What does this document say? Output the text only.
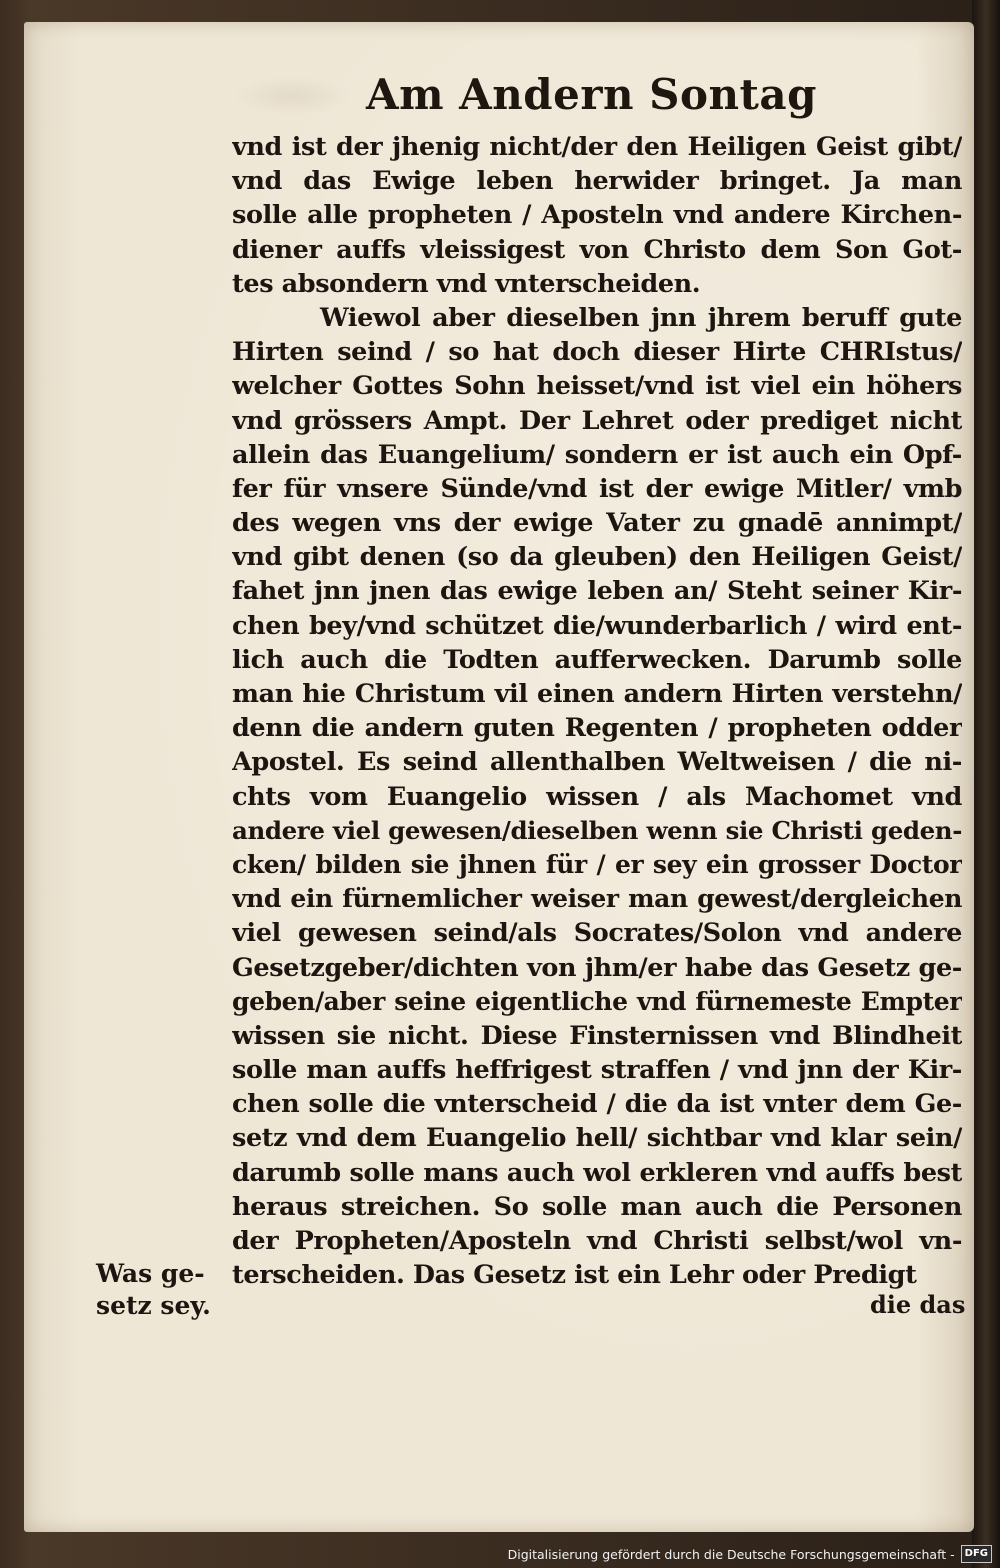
Am Andern Sontag
vnd ist der jhenig nicht/der den Heiligen Geist gibt/
vnd das Ewige leben herwider bringet. Ja man
solle alle propheten / Aposteln vnd andere Kirchen-
diener auffs vleissigest von Christo dem Son Got-
tes absondern vnd vnterscheiden.
Wiewol aber dieselben jnn jhrem beruff gute
Hirten seind / so hat doch dieser Hirte CHRIstus/
welcher Gottes Sohn heisset/vnd ist viel ein höhers
vnd grössers Ampt. Der Lehret oder prediget nicht
allein das Euangelium/ sondern er ist auch ein Opf-
fer für vnsere Sünde/vnd ist der ewige Mitler/ vmb
des wegen vns der ewige Vater zu gnadē annimpt/
vnd gibt denen (so da gleuben) den Heiligen Geist/
fahet jnn jnen das ewige leben an/ Steht seiner Kir-
chen bey/vnd schützet die/wunderbarlich / wird ent-
lich auch die Todten aufferwecken. Darumb solle
man hie Christum vil einen andern Hirten verstehn/
denn die andern guten Regenten / propheten odder
Apostel. Es seind allenthalben Weltweisen / die ni-
chts vom Euangelio wissen / als Machomet vnd
andere viel gewesen/dieselben wenn sie Christi geden-
cken/ bilden sie jhnen für / er sey ein grosser Doctor
vnd ein fürnemlicher weiser man gewest/dergleichen
viel gewesen seind/als Socrates/Solon vnd andere
Gesetzgeber/dichten von jhm/er habe das Gesetz ge-
geben/aber seine eigentliche vnd fürnemeste Empter
wissen sie nicht. Diese Finsternissen vnd Blindheit
solle man auffs heffrigest straffen / vnd jnn der Kir-
chen solle die vnterscheid / die da ist vnter dem Ge-
setz vnd dem Euangelio hell/ sichtbar vnd klar sein/
darumb solle mans auch wol erkleren vnd auffs best
heraus streichen. So solle man auch die Personen
der Propheten/Aposteln vnd Christi selbst/wol vn-
terscheiden. Das Gesetz ist ein Lehr oder Predigt
Was ge-
setz sey.	die das
Digitalisierung gefördert durch die Deutsche Forschungsgemeinschaft -	DFG
